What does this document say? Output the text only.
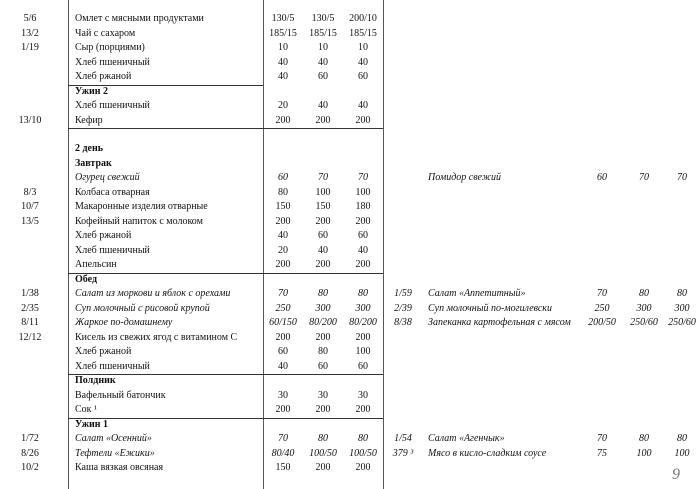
5/6	Омлет с мясными продуктами	130/5	130/5	200/10
13/2	Чай с сахаром	185/15	185/15	185/15
1/19	Сыр (порциями)	10	10	10
Хлеб пшеничный	40	40	40
Хлеб ржаной	40	60	60
Ужин 2
Хлеб пшеничный	20	40	40
13/10	Кефир	200	200	200
2 день
Завтрак
Огурец свежий	60	70	70	Помидор свежий	60	70	70
8/3	Колбаса отварная	80	100	100
10/7	Макаронные изделия отварные	150	150	180
13/5	Кофейный напиток с молоком	200	200	200
Хлеб ржаной	40	60	60
Хлеб пшеничный	20	40	40
Апельсин	200	200	200
Обед
1/38	Салат из моркови и яблок с орехами	70	80	80	1/59	Салат «Аппетитный»	70	80	80
2/35	Суп молочный с рисовой крупой	250	300	300	2/39	Суп молочный по-могилевски	250	300	300
8/11	Жаркое по-домашнему	60/150	80/200	80/200	8/38	Запеканка картофельная с мясом	200/50	250/60	250/60
12/12	Кисель из свежих ягод с витамином С	200	200	200
Хлеб ржаной	60	80	100
Хлеб пшеничный	40	60	60
Полдник
Вафельный батончик	30	30	30
Сок ¹	200	200	200
Ужин 1
1/72	Салат «Осенний»	70	80	80	1/54	Салат «Агенчык»	70	80	80
8/26	Тефтели «Ежики»	80/40	100/50	100/50	379 ³	Мясо в кисло-сладким соусе	75	100	100
10/2	Каша вязкая овсяная	150	200	200	9
